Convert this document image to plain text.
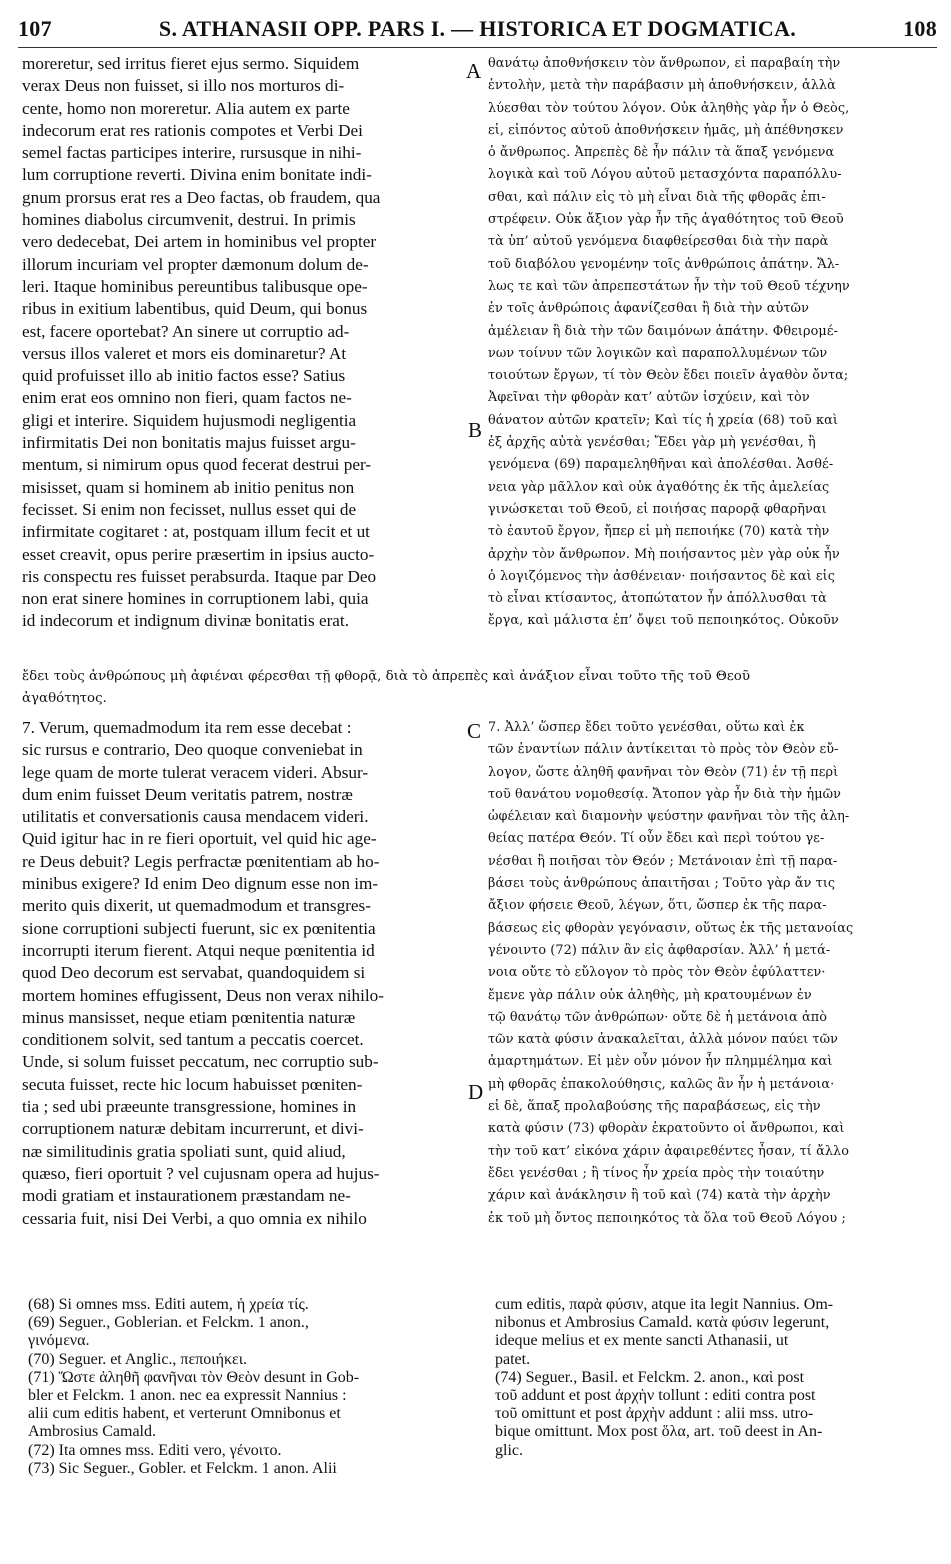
107	S. ATHANASII OPP. PARS I. — HISTORICA ET DOGMATICA.	108
moreretur, sed irritus fieret ejus sermo. Siquidem
verax Deus non fuisset, si illo nos morturos di-
cente, homo non moreretur. Alia autem ex parte
indecorum erat res rationis compotes et Verbi Dei
semel factas participes interire, rursusque in nihi-
lum corruptione reverti. Divina enim bonitate indi-
gnum prorsus erat res a Deo factas, ob fraudem, qua
homines diabolus circumvenit, destrui. In primis
vero dedecebat, Dei artem in hominibus vel propter
illorum incuriam vel propter dæmonum dolum de-
leri. Itaque hominibus pereuntibus talibusque ope-
ribus in exitium labentibus, quid Deum, qui bonus
est, facere oportebat? An sinere ut corruptio ad-
versus illos valeret et mors eis dominaretur? At
quid profuisset illo ab initio factos esse? Satius
enim erat eos omnino non fieri, quam factos ne-
gligi et interire. Siquidem hujusmodi negligentia
infirmitatis Dei non bonitatis majus fuisset argu-
mentum, si nimirum opus quod fecerat destrui per-
misisset, quam si hominem ab initio penitus non
fecisset. Si enim non fecisset, nullus esset qui de
infirmitate cogitaret : at, postquam illum fecit et ut
esset creavit, opus perire præsertim in ipsius aucto-
ris conspectu res fuisset perabsurda. Itaque par Deo
non erat sinere homines in corruptionem labi, quia
id indecorum et indignum divinæ bonitatis erat.
θανάτῳ ἀποθνήσκειν τὸν ἄνθρωπον, εἰ παραβαίη τὴν
ἐντολὴν, μετὰ τὴν παράβασιν μὴ ἀποθνήσκειν, ἀλλὰ
λύεσθαι τὸν τούτου λόγον. Οὐκ ἀληθὴς γὰρ ἦν ὁ Θεὸς,
εἰ, εἰπόντος αὐτοῦ ἀποθνήσκειν ἡμᾶς, μὴ ἀπέθνησκεν
ὁ ἄνθρωπος. Ἀπρεπὲς δὲ ἦν πάλιν τὰ ἅπαξ γενόμενα
λογικὰ καὶ τοῦ Λόγου αὐτοῦ μετασχόντα παραπόλλυ-
σθαι, καὶ πάλιν εἰς τὸ μὴ εἶναι διὰ τῆς φθορᾶς ἐπι-
στρέφειν. Οὐκ ἄξιον γὰρ ἦν τῆς ἀγαθότητος τοῦ Θεοῦ
τὰ ὑπ’ αὐτοῦ γενόμενα διαφθείρεσθαι διὰ τὴν παρὰ
τοῦ διαβόλου γενομένην τοῖς ἀνθρώποις ἀπάτην. Ἄλ-
λως τε καὶ τῶν ἀπρεπεστάτων ἦν τὴν τοῦ Θεοῦ τέχνην
ἐν τοῖς ἀνθρώποις ἀφανίζεσθαι ἢ διὰ τὴν αὐτῶν
ἀμέλειαν ἢ διὰ τὴν τῶν δαιμόνων ἀπάτην. Φθειρομέ-
νων τοίνυν τῶν λογικῶν καὶ παραπολλυμένων τῶν
τοιούτων ἔργων, τί τὸν Θεὸν ἔδει ποιεῖν ἀγαθὸν ὄντα;
Ἀφεῖναι τὴν φθορὰν κατ’ αὐτῶν ἰσχύειν, καὶ τὸν
θάνατον αὐτῶν κρατεῖν; Καὶ τίς ἡ χρεία (68) τοῦ καὶ
ἐξ ἀρχῆς αὐτὰ γενέσθαι; Ἔδει γὰρ μὴ γενέσθαι, ἢ
γενόμενα (69) παραμεληθῆναι καὶ ἀπολέσθαι. Ἀσθέ-
νεια γὰρ μᾶλλον καὶ οὐκ ἀγαθότης ἐκ τῆς ἀμελείας
γινώσκεται τοῦ Θεοῦ, εἰ ποιήσας παρορᾷ φθαρῆναι
τὸ ἑαυτοῦ ἔργον, ἤπερ εἰ μὴ πεποιήκε (70) κατὰ τὴν
ἀρχὴν τὸν ἄνθρωπον. Μὴ ποιήσαντος μὲν γὰρ οὐκ ἦν
ὁ λογιζόμενος τὴν ἀσθένειαν· ποιήσαντος δὲ καὶ εἰς
τὸ εἶναι κτίσαντος, ἀτοπώτατον ἦν ἀπόλλυσθαι τὰ
ἔργα, καὶ μάλιστα ἐπ’ ὄψει τοῦ πεποιηκότος. Οὐκοῦν
ἔδει τοὺς ἀνθρώπους μὴ ἀφιέναι φέρεσθαι τῇ φθορᾷ, διὰ τὸ ἀπρεπὲς καὶ ἀνάξιον εἶναι τοῦτο τῆς τοῦ Θεοῦ
ἀγαθότητος.
7. Verum, quemadmodum ita rem esse decebat :
sic rursus e contrario, Deo quoque conveniebat in
lege quam de morte tulerat veracem videri. Absur-
dum enim fuisset Deum veritatis patrem, nostræ
utilitatis et conversationis causa mendacem videri.
Quid igitur hac in re fieri oportuit, vel quid hic age-
re Deus debuit? Legis perfractæ pœnitentiam ab ho-
minibus exigere? Id enim Deo dignum esse non im-
merito quis dixerit, ut quemadmodum et transgres-
sione corruptioni subjecti fuerunt, sic ex pœnitentia
incorrupti iterum fierent. Atqui neque pœnitentia id
quod Deo decorum est servabat, quandoquidem si
mortem homines effugissent, Deus non verax nihilo-
minus mansisset, neque etiam pœnitentia naturæ
conditionem solvit, sed tantum a peccatis coercet.
Unde, si solum fuisset peccatum, nec corruptio sub-
secuta fuisset, recte hic locum habuisset pœniten-
tia ; sed ubi præeunte transgressione, homines in
corruptionem naturæ debitam incurrerunt, et divi-
næ similitudinis gratia spoliati sunt, quid aliud,
quæso, fieri oportuit ? vel cujusnam opera ad hujus-
modi gratiam et instaurationem præstandam ne-
cessaria fuit, nisi Dei Verbi, a quo omnia ex nihilo
7. Ἀλλ’ ὥσπερ ἔδει τοῦτο γενέσθαι, οὕτω καὶ ἐκ
τῶν ἐναντίων πάλιν ἀντίκειται τὸ πρὸς τὸν Θεὸν εὔ-
λογον, ὥστε ἀληθῆ φανῆναι τὸν Θεὸν (71) ἐν τῇ περὶ
τοῦ θανάτου νομοθεσίᾳ. Ἄτοπον γὰρ ἦν διὰ τὴν ἡμῶν
ὠφέλειαν καὶ διαμονὴν ψεύστην φανῆναι τὸν τῆς ἀλη-
θείας πατέρα Θεόν. Τί οὖν ἔδει καὶ περὶ τούτου γε-
νέσθαι ἢ ποιῆσαι τὸν Θεόν ; Μετάνοιαν ἐπὶ τῇ παρα-
βάσει τοὺς ἀνθρώπους ἀπαιτῆσαι ; Τοῦτο γὰρ ἄν τις
ἄξιον φήσειε Θεοῦ, λέγων, ὅτι, ὥσπερ ἐκ τῆς παρα-
βάσεως εἰς φθορὰν γεγόνασιν, οὕτως ἐκ τῆς μετανοίας
γένοιντο (72) πάλιν ἂν εἰς ἀφθαρσίαν. Ἀλλ’ ἡ μετά-
νοια οὔτε τὸ εὔλογον τὸ πρὸς τὸν Θεὸν ἐφύλαττεν·
ἔμενε γὰρ πάλιν οὐκ ἀληθὴς, μὴ κρατουμένων ἐν
τῷ θανάτῳ τῶν ἀνθρώπων· οὔτε δὲ ἡ μετάνοια ἀπὸ
τῶν κατὰ φύσιν ἀνακαλεῖται, ἀλλὰ μόνον παύει τῶν
ἁμαρτημάτων. Εἰ μὲν οὖν μόνον ἦν πλημμέλημα καὶ
μὴ φθορᾶς ἐπακολούθησις, καλῶς ἂν ἦν ἡ μετάνοια·
εἰ δὲ, ἅπαξ προλαβούσης τῆς παραβάσεως, εἰς τὴν
κατὰ φύσιν (73) φθορὰν ἐκρατοῦντο οἱ ἄνθρωποι, καὶ
τὴν τοῦ κατ’ εἰκόνα χάριν ἀφαιρεθέντες ἦσαν, τί ἄλλο
ἔδει γενέσθαι ; ἢ τίνος ἦν χρεία πρὸς τὴν τοιαύτην
χάριν καὶ ἀνάκλησιν ἢ τοῦ καὶ (74) κατὰ τὴν ἀρχὴν
ἐκ τοῦ μὴ ὄντος πεποιηκότος τὰ ὅλα τοῦ Θεοῦ Λόγου ;
A
B
C
D
(68) Si omnes mss. Editi autem, ἡ χρεία τίς.
(69) Seguer., Goblerian. et Felckm. 1 anon.,
γινόμενα.
(70) Seguer. et Anglic., πεποιήκει.
(71) Ὥστε ἀληθῆ φανῆναι τὸν Θεὸν desunt in Gob-
bler et Felckm. 1 anon. nec ea expressit Nannius :
alii cum editis habent, et verterunt Omnibonus et
Ambrosius Camald.
(72) Ita omnes mss. Editi vero, γένοιτο.
(73) Sic Seguer., Gobler. et Felckm. 1 anon. Alii
cum editis, παρὰ φύσιν, atque ita legit Nannius. Om-
nibonus et Ambrosius Camald. κατὰ φύσιν legerunt,
ideque melius et ex mente sancti Athanasii, ut
patet.
(74) Seguer., Basil. et Felckm. 2. anon., καὶ post
τοῦ addunt et post ἀρχὴν tollunt : editi contra post
τοῦ omittunt et post ἀρχὴν addunt : alii mss. utro-
bique omittunt. Mox post ὅλα, art. τοῦ deest in An-
glic.
